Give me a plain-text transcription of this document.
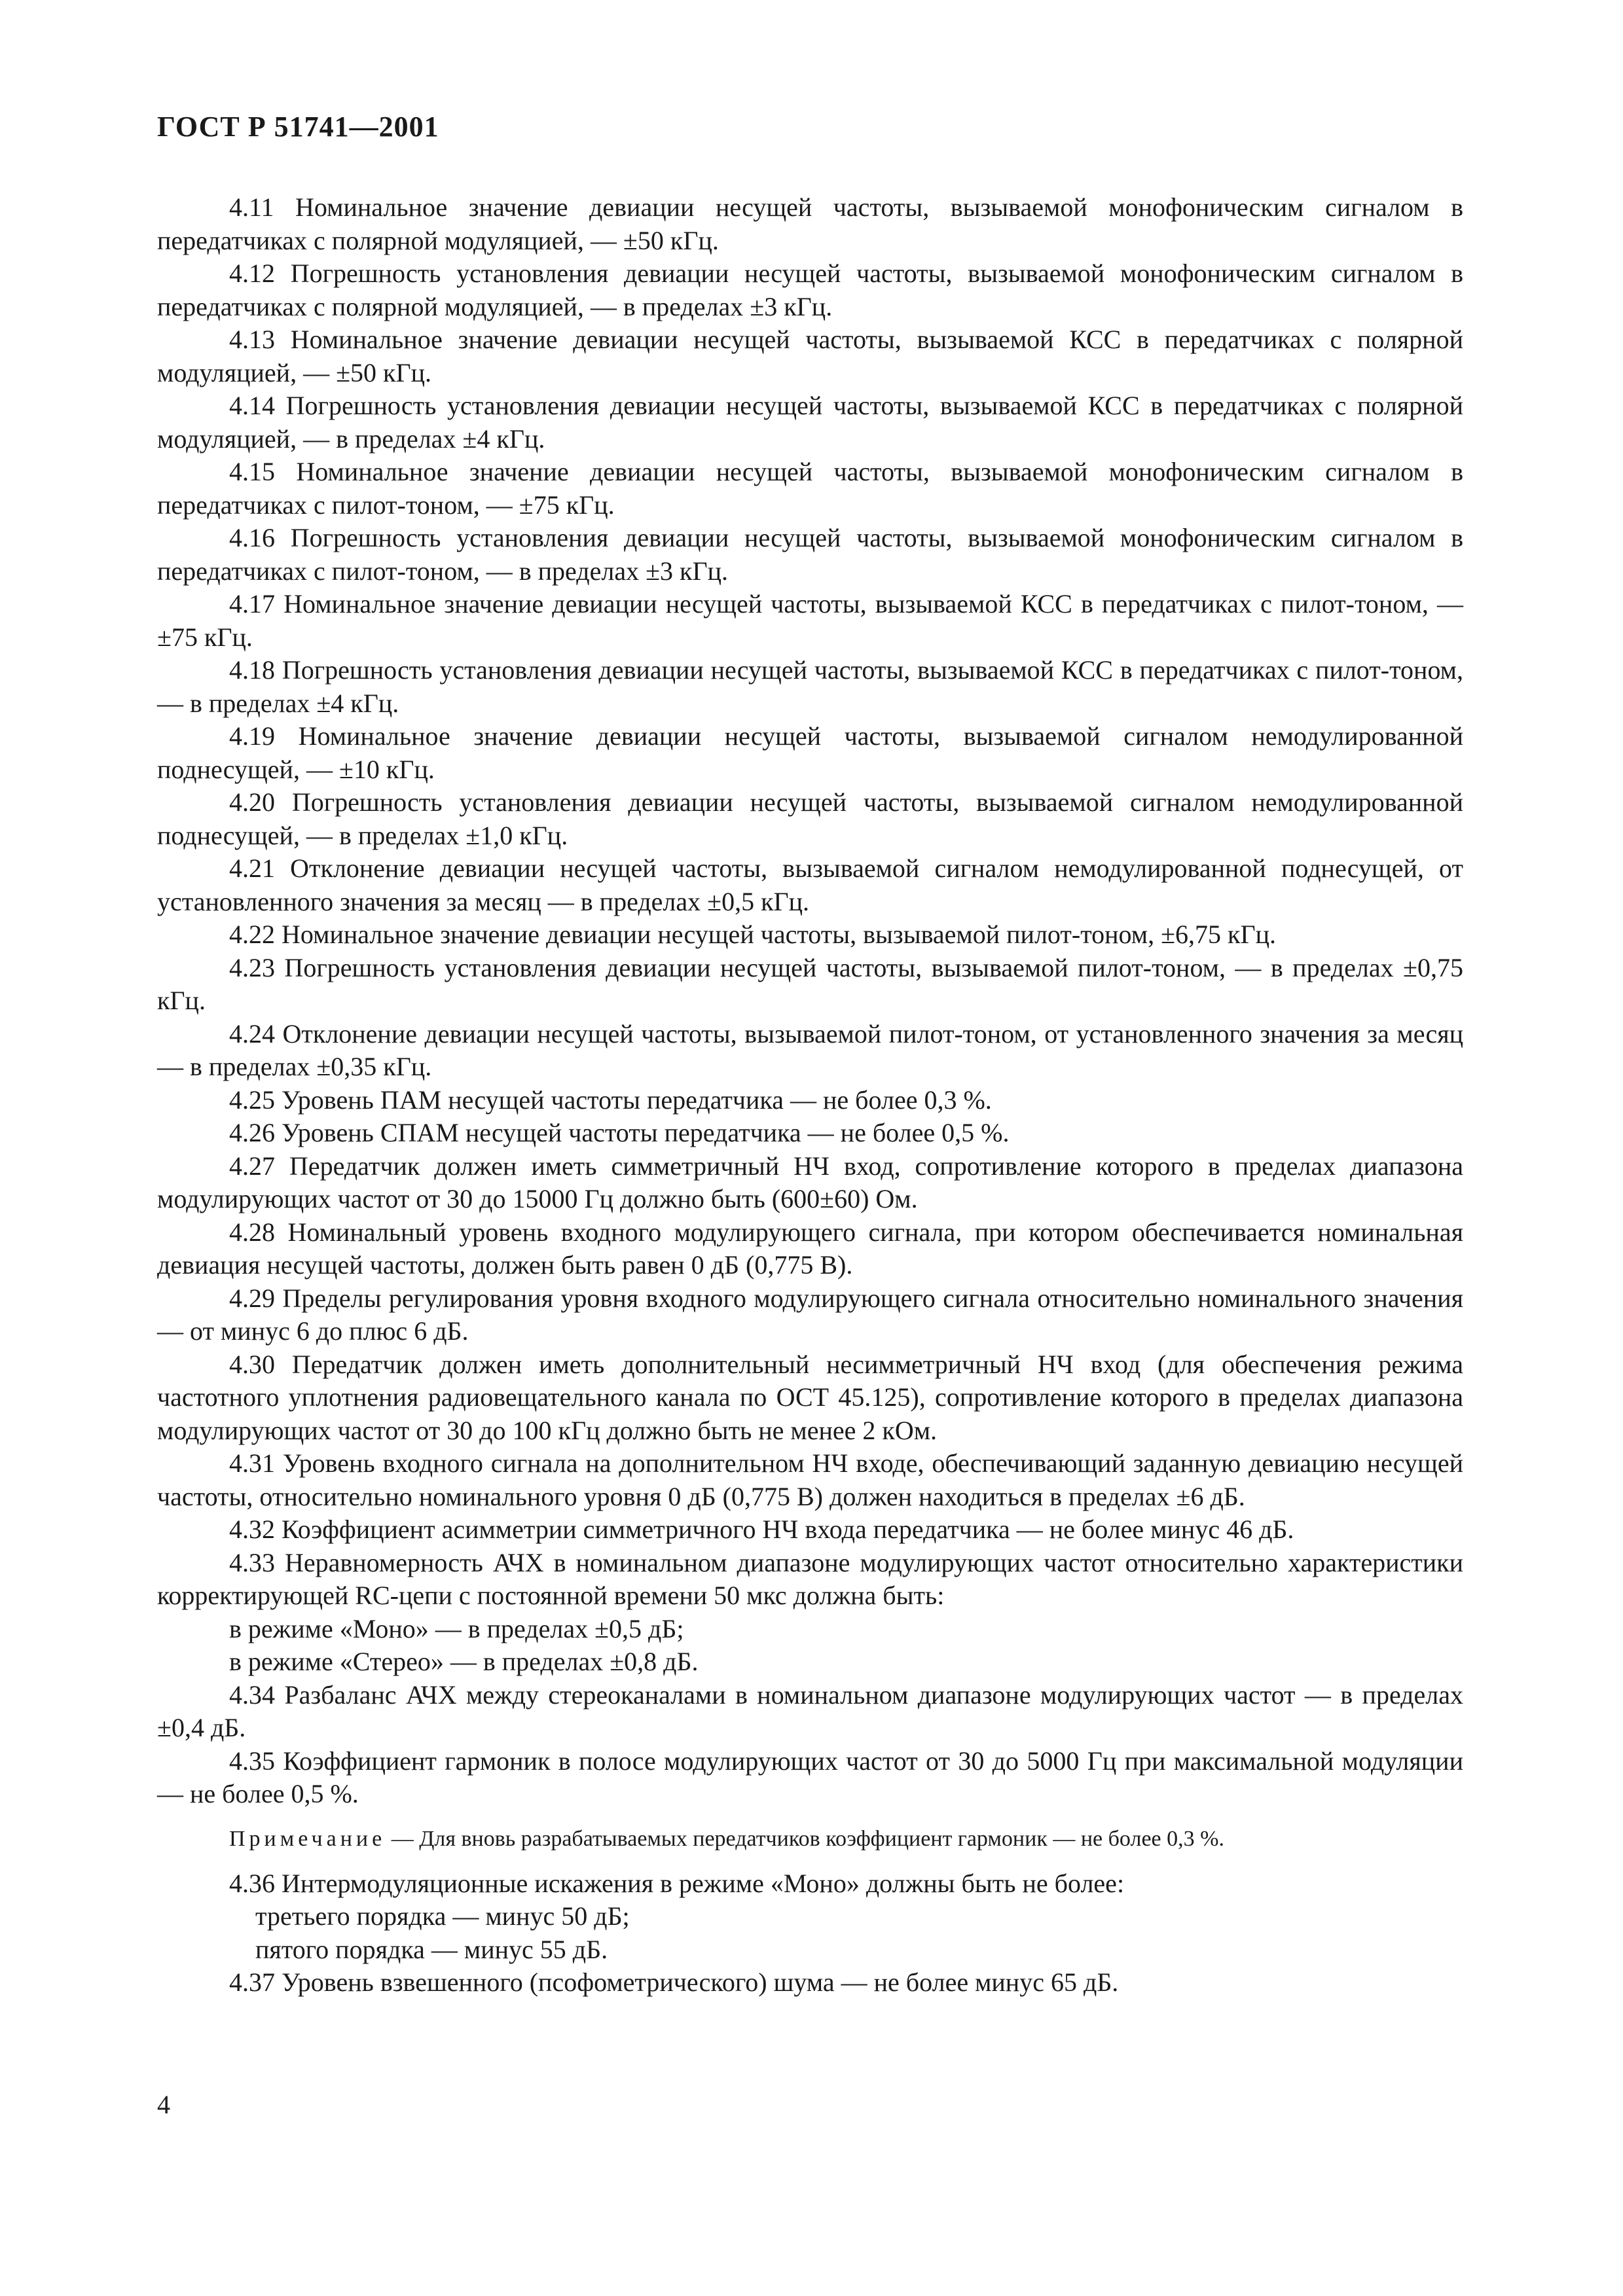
ГОСТ Р 51741—2001

4.11 Номинальное значение девиации несущей частоты, вызываемой монофоническим сигналом в передатчиках с полярной модуляцией, — ±50 кГц.

4.12 Погрешность установления девиации несущей частоты, вызываемой монофоническим сигналом в передатчиках с полярной модуляцией, — в пределах ±3 кГц.

4.13 Номинальное значение девиации несущей частоты, вызываемой КСС в передатчиках с полярной модуляцией, — ±50 кГц.

4.14 Погрешность установления девиации несущей частоты, вызываемой КСС в передатчиках с полярной модуляцией, — в пределах ±4 кГц.

4.15 Номинальное значение девиации несущей частоты, вызываемой монофоническим сигналом в передатчиках с пилот-тоном, — ±75 кГц.

4.16 Погрешность установления девиации несущей частоты, вызываемой монофоническим сигналом в передатчиках с пилот-тоном, — в пределах ±3 кГц.

4.17 Номинальное значение девиации несущей частоты, вызываемой КСС в передатчиках с пилот-тоном, — ±75 кГц.

4.18 Погрешность установления девиации несущей частоты, вызываемой КСС в передатчиках с пилот-тоном, — в пределах ±4 кГц.

4.19 Номинальное значение девиации несущей частоты, вызываемой сигналом немодулированной поднесущей, — ±10 кГц.

4.20 Погрешность установления девиации несущей частоты, вызываемой сигналом немодулированной поднесущей, — в пределах ±1,0 кГц.

4.21 Отклонение девиации несущей частоты, вызываемой сигналом немодулированной поднесущей, от установленного значения за месяц — в пределах ±0,5 кГц.

4.22 Номинальное значение девиации несущей частоты, вызываемой пилот-тоном, ±6,75 кГц.

4.23 Погрешность установления девиации несущей частоты, вызываемой пилот-тоном, — в пределах ±0,75 кГц.

4.24 Отклонение девиации несущей частоты, вызываемой пилот-тоном, от установленного значения за месяц — в пределах ±0,35 кГц.

4.25 Уровень ПАМ несущей частоты передатчика — не более 0,3 %.

4.26 Уровень СПАМ несущей частоты передатчика — не более 0,5 %.

4.27 Передатчик должен иметь симметричный НЧ вход, сопротивление которого в пределах диапазона модулирующих частот от 30 до 15000 Гц должно быть (600±60) Ом.

4.28 Номинальный уровень входного модулирующего сигнала, при котором обеспечивается номинальная девиация несущей частоты, должен быть равен 0 дБ (0,775 В).

4.29 Пределы регулирования уровня входного модулирующего сигнала относительно номинального значения — от минус 6 до плюс 6 дБ.

4.30 Передатчик должен иметь дополнительный несимметричный НЧ вход (для обеспечения режима частотного уплотнения радиовещательного канала по ОСТ 45.125), сопротивление которого в пределах диапазона модулирующих частот от 30 до 100 кГц должно быть не менее 2 кОм.

4.31 Уровень входного сигнала на дополнительном НЧ входе, обеспечивающий заданную девиацию несущей частоты, относительно номинального уровня 0 дБ (0,775 В) должен находиться в пределах ±6 дБ.

4.32 Коэффициент асимметрии симметричного НЧ входа передатчика — не более минус 46 дБ.

4.33 Неравномерность АЧХ в номинальном диапазоне модулирующих частот относительно характеристики корректирующей RC-цепи с постоянной времени 50 мкс должна быть:

в режиме «Моно» — в пределах ±0,5 дБ;

в режиме «Стерео» — в пределах ±0,8 дБ.

4.34 Разбаланс АЧХ между стереоканалами в номинальном диапазоне модулирующих частот — в пределах ±0,4 дБ.

4.35 Коэффициент гармоник в полосе модулирующих частот от 30 до 5000 Гц при максимальной модуляции — не более 0,5 %.

Примечание — Для вновь разрабатываемых передатчиков коэффициент гармоник — не более 0,3 %.

4.36 Интермодуляционные искажения в режиме «Моно» должны быть не более:

третьего порядка — минус 50 дБ;

пятого порядка — минус 55 дБ.

4.37 Уровень взвешенного (псофометрического) шума — не более минус 65 дБ.

4
